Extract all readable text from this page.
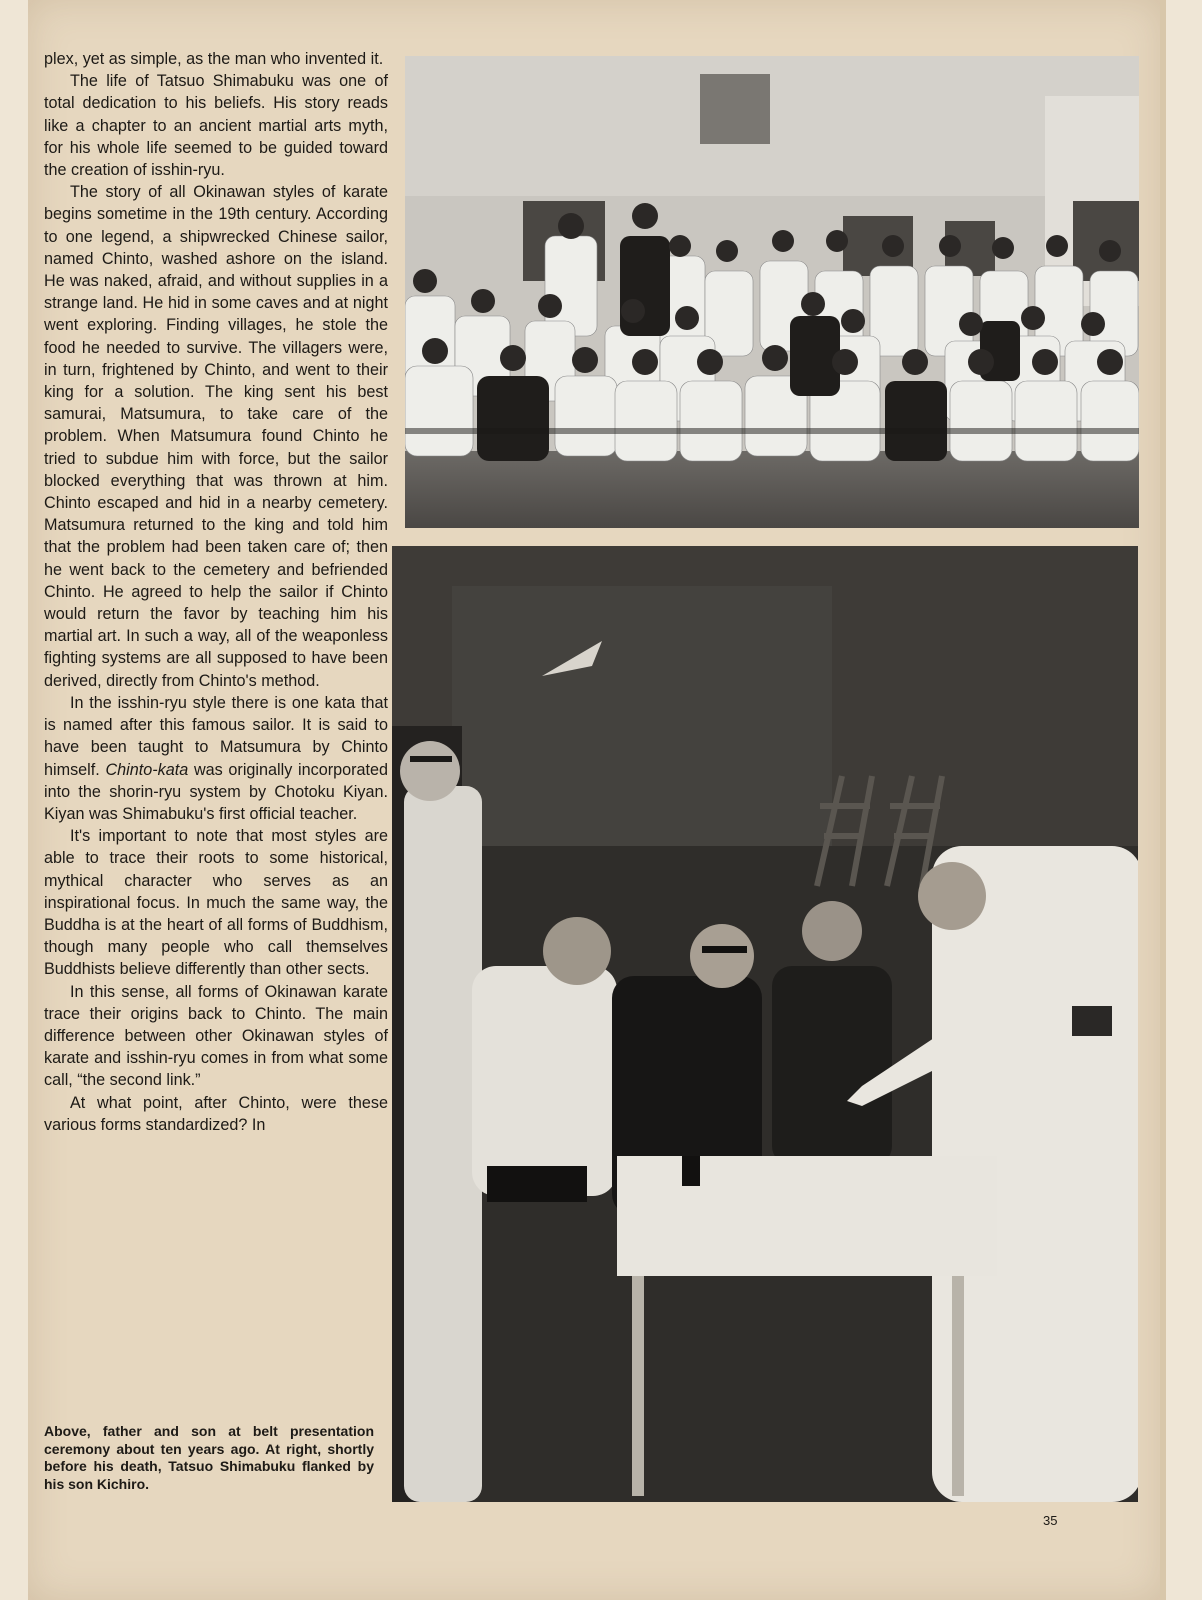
plex, yet as simple, as the man who invented it.

The life of Tatsuo Shimabuku was one of total dedication to his beliefs. His story reads like a chapter to an ancient martial arts myth, for his whole life seemed to be guided toward the creation of isshin-ryu.

The story of all Okinawan styles of karate begins sometime in the 19th century. According to one legend, a shipwrecked Chinese sailor, named Chinto, washed ashore on the island. He was naked, afraid, and without supplies in a strange land. He hid in some caves and at night went exploring. Finding villages, he stole the food he needed to survive. The villagers were, in turn, frightened by Chinto, and went to their king for a solution. The king sent his best samurai, Matsumura, to take care of the problem. When Matsumura found Chinto he tried to subdue him with force, but the sailor blocked everything that was thrown at him. Chinto escaped and hid in a nearby cemetery. Matsumura returned to the king and told him that the problem had been taken care of; then he went back to the cemetery and befriended Chinto. He agreed to help the sailor if Chinto would return the favor by teaching him his martial art. In such a way, all of the weaponless fighting systems are all supposed to have been derived, directly from Chinto's method.

In the isshin-ryu style there is one kata that is named after this famous sailor. It is said to have been taught to Matsumura by Chinto himself. Chinto-kata was originally incorporated into the shorin-ryu system by Chotoku Kiyan. Kiyan was Shimabuku's first official teacher.

It's important to note that most styles are able to trace their roots to some historical, mythical character who serves as an inspirational focus. In much the same way, the Buddha is at the heart of all forms of Buddhism, though many people who call themselves Buddhists believe differently than other sects.

In this sense, all forms of Okinawan karate trace their origins back to Chinto. The main difference between other Okinawan styles of karate and isshin-ryu comes in from what some call, “the second link.”

At what point, after Chinto, were these various forms standardized? In

Above, father and son at belt presentation ceremony about ten years ago. At right, shortly before his death, Tatsuo Shimabuku flanked by his son Kichiro.
35
